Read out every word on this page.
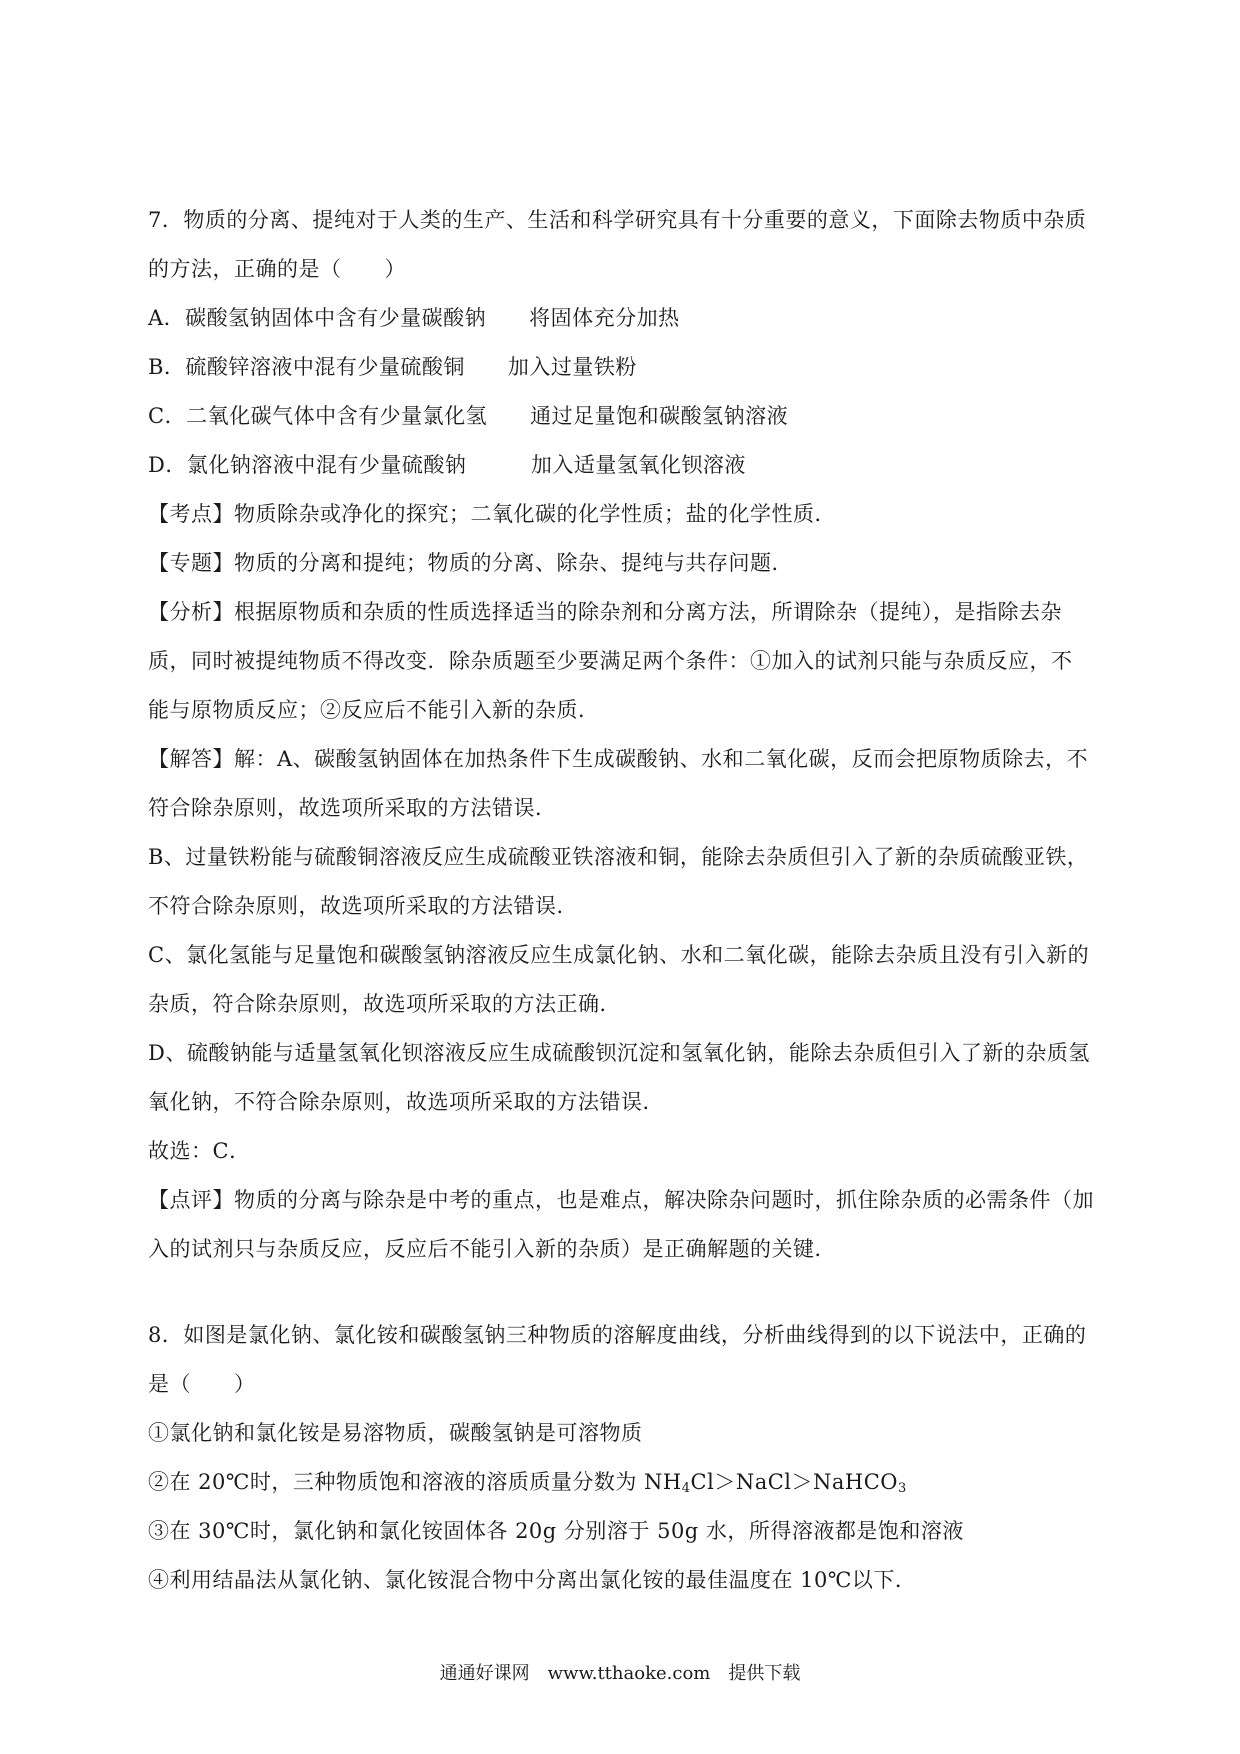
7．物质的分离、提纯对于人类的生产、生活和科学研究具有十分重要的意义，下面除去物质中杂质
的方法，正确的是（　　）
A．碳酸氢钠固体中含有少量碳酸钠　　将固体充分加热
B．硫酸锌溶液中混有少量硫酸铜　　加入过量铁粉
C．二氧化碳气体中含有少量氯化氢　　通过足量饱和碳酸氢钠溶液
D．氯化钠溶液中混有少量硫酸钠　　　加入适量氢氧化钡溶液
【考点】物质除杂或净化的探究；二氧化碳的化学性质；盐的化学性质．
【专题】物质的分离和提纯；物质的分离、除杂、提纯与共存问题．
【分析】根据原物质和杂质的性质选择适当的除杂剂和分离方法，所谓除杂（提纯），是指除去杂
质，同时被提纯物质不得改变．除杂质题至少要满足两个条件：①加入的试剂只能与杂质反应，不
能与原物质反应；②反应后不能引入新的杂质．
【解答】解：A、碳酸氢钠固体在加热条件下生成碳酸钠、水和二氧化碳，反而会把原物质除去，不
符合除杂原则，故选项所采取的方法错误．
B、过量铁粉能与硫酸铜溶液反应生成硫酸亚铁溶液和铜，能除去杂质但引入了新的杂质硫酸亚铁，
不符合除杂原则，故选项所采取的方法错误．
C、氯化氢能与足量饱和碳酸氢钠溶液反应生成氯化钠、水和二氧化碳，能除去杂质且没有引入新的
杂质，符合除杂原则，故选项所采取的方法正确．
D、硫酸钠能与适量氢氧化钡溶液反应生成硫酸钡沉淀和氢氧化钠，能除去杂质但引入了新的杂质氢
氧化钠，不符合除杂原则，故选项所采取的方法错误．
故选：C．
【点评】物质的分离与除杂是中考的重点，也是难点，解决除杂问题时，抓住除杂质的必需条件（加
入的试剂只与杂质反应，反应后不能引入新的杂质）是正确解题的关键．
8．如图是氯化钠、氯化铵和碳酸氢钠三种物质的溶解度曲线，分析曲线得到的以下说法中，正确的
是（　　）
①氯化钠和氯化铵是易溶物质，碳酸氢钠是可溶物质
②在 20℃时，三种物质饱和溶液的溶质质量分数为 $NH_4Cl>NaCl>NaHCO_3$
③在 30℃时，氯化钠和氯化铵固体各 20g 分别溶于 50g 水，所得溶液都是饱和溶液
④利用结晶法从氯化钠、氯化铵混合物中分离出氯化铵的最佳温度在 10℃以下．
通通好课网　www.tthaoke.com　提供下载
